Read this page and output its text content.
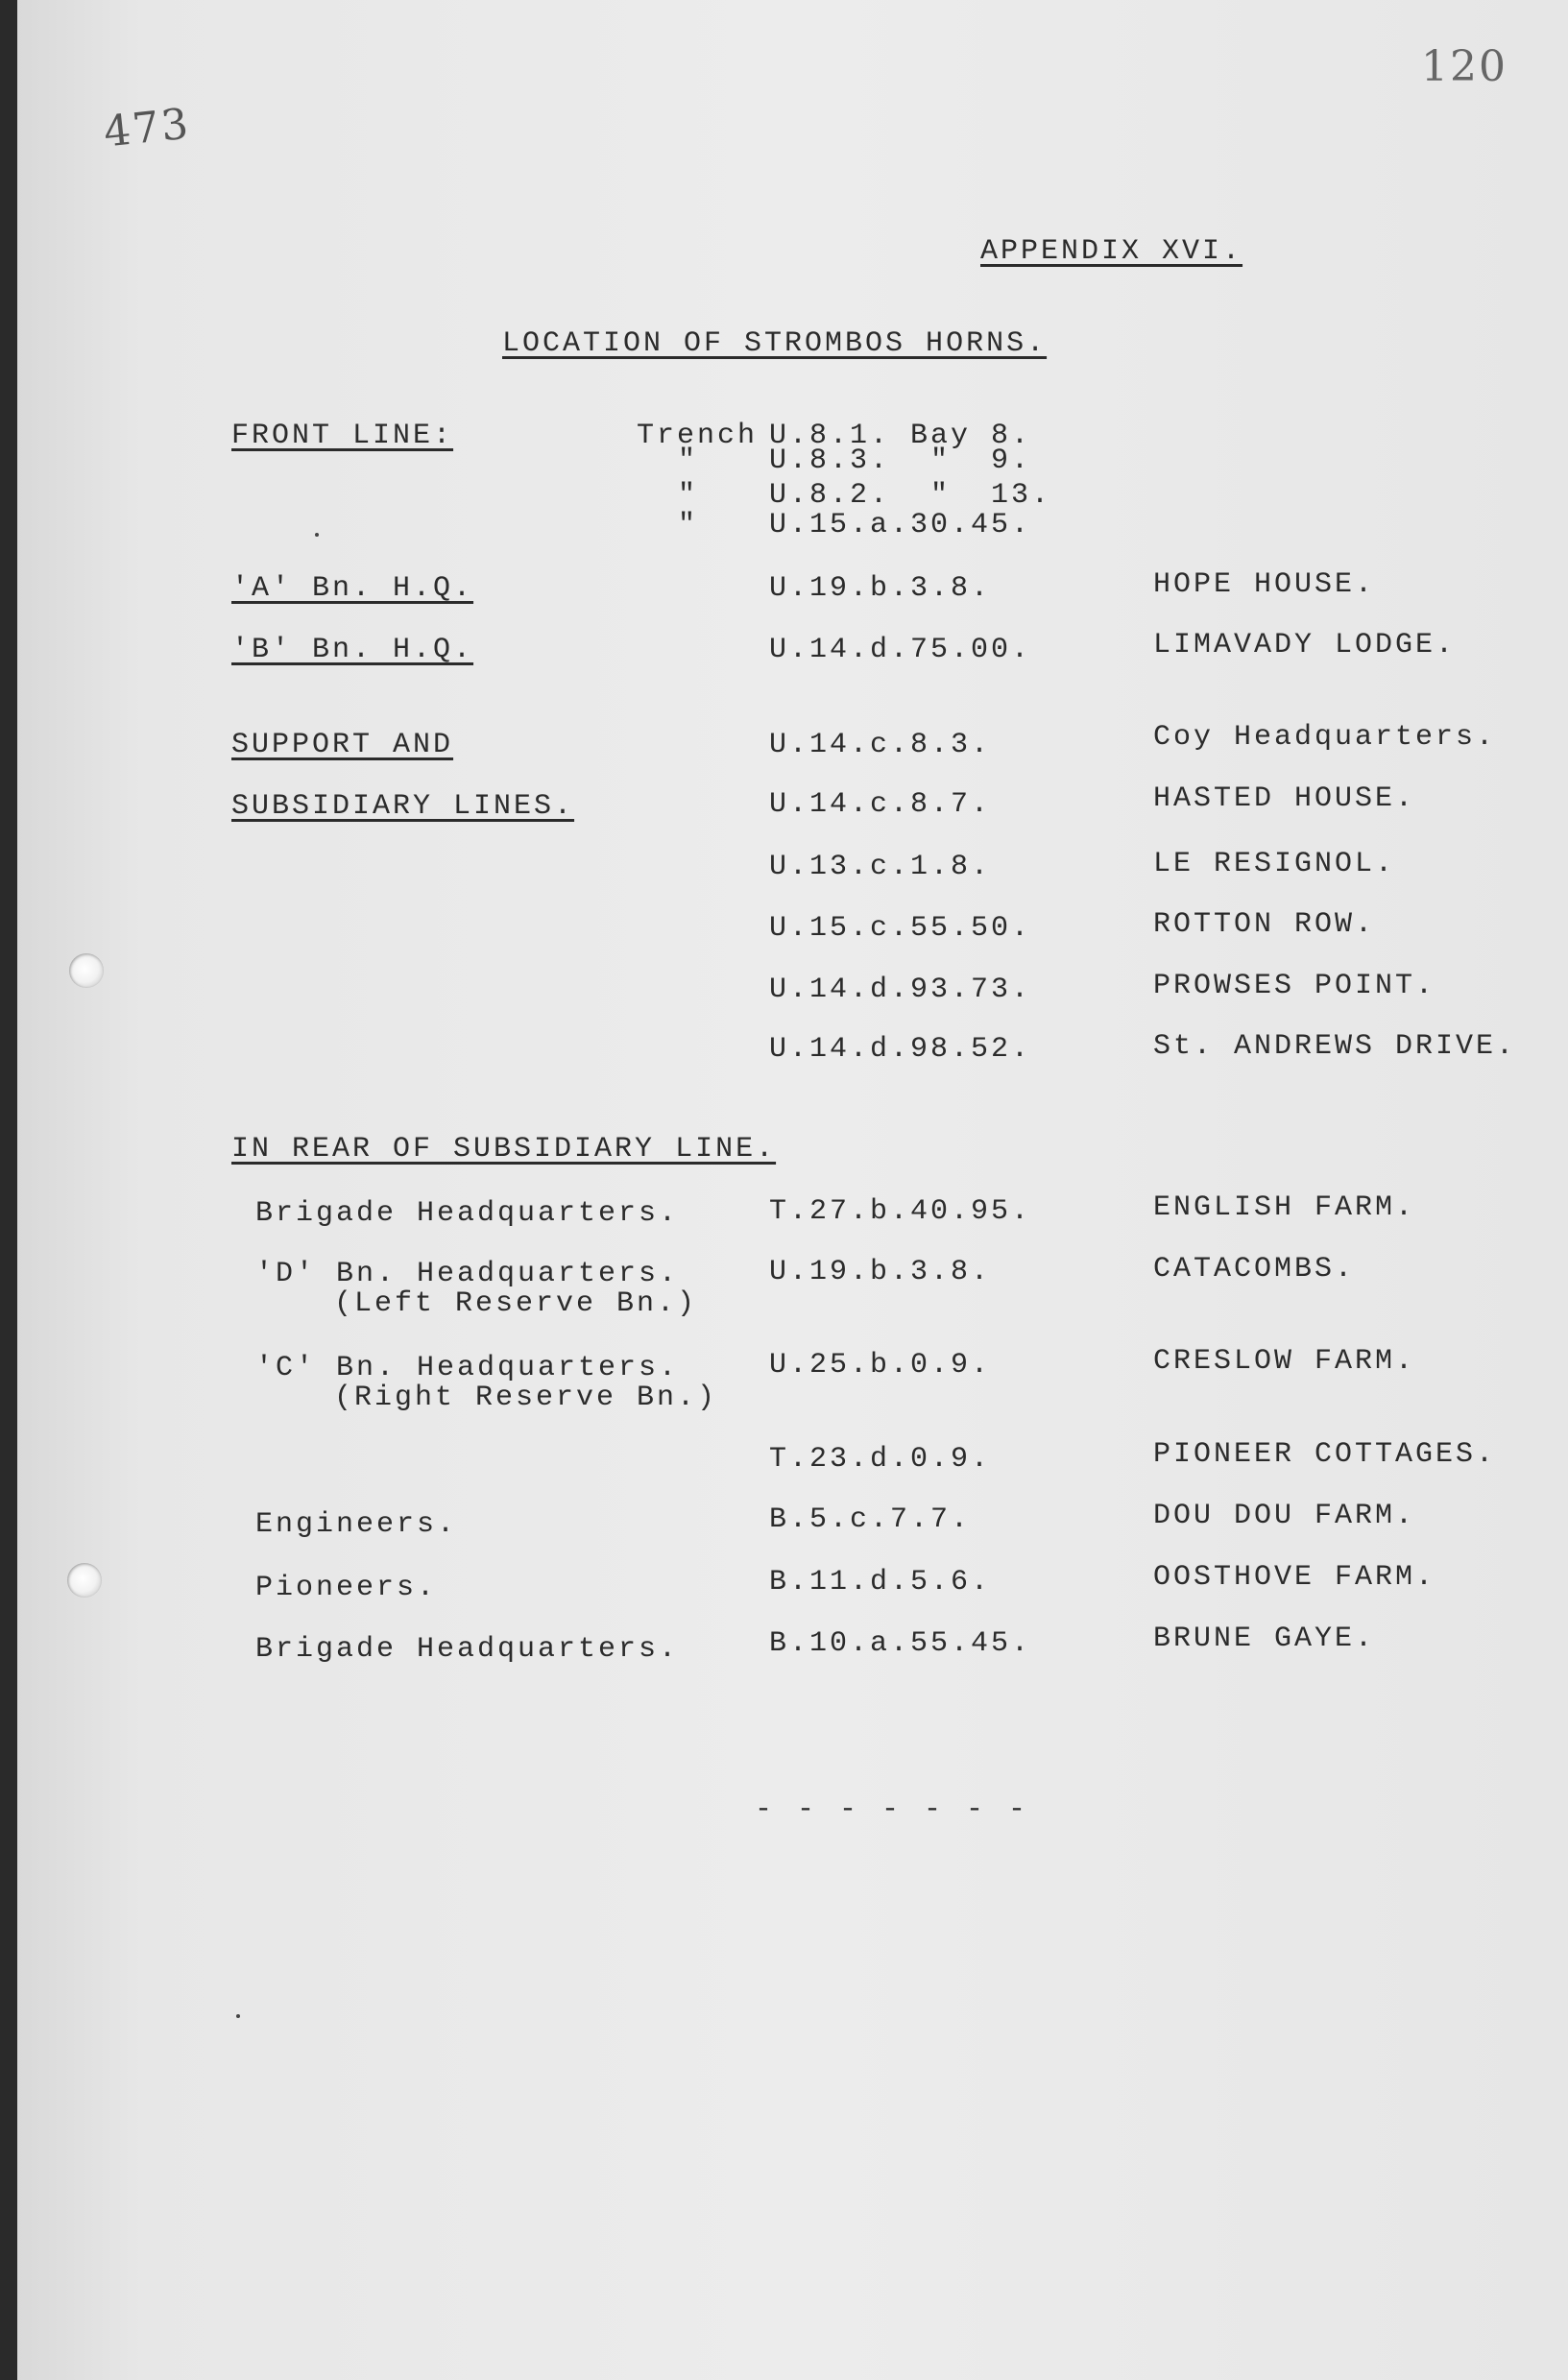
473
120
APPENDIX XVI.
LOCATION OF STROMBOS HORNS.
FRONT LINE:	Trench U.8.1. Bay 8.
" U.8.3.  "  9.
" U.8.2.  "  13.
" U.15.a.30.45.
'A' Bn. H.Q.	U.19.b.3.8.	HOPE HOUSE.
'B' Bn. H.Q.	U.14.d.75.00.	LIMAVADY LODGE.
SUPPORT AND
SUBSIDIARY LINES.
U.14.c.8.3.	Coy Headquarters.
U.14.c.8.7.	HASTED HOUSE.
U.13.c.1.8.	LE RESIGNOL.
U.15.c.55.50.	ROTTON ROW.
U.14.d.93.73.	PROWSES POINT.
U.14.d.98.52.	St. ANDREWS DRIVE.
IN REAR OF SUBSIDIARY LINE.
Brigade Headquarters.	T.27.b.40.95.	ENGLISH FARM.
'D' Bn. Headquarters.
(Left Reserve Bn.)
U.19.b.3.8.	CATACOMBS.
'C' Bn. Headquarters.
(Right Reserve Bn.)
U.25.b.0.9.	CRESLOW FARM.
T.23.d.0.9.	PIONEER COTTAGES.
Engineers.	B.5.c.7.7.	DOU DOU FARM.
Pioneers.	B.11.d.5.6.	OOSTHOVE FARM.
Brigade Headquarters.	B.10.a.55.45.	BRUNE GAYE.
- - - - - - -
